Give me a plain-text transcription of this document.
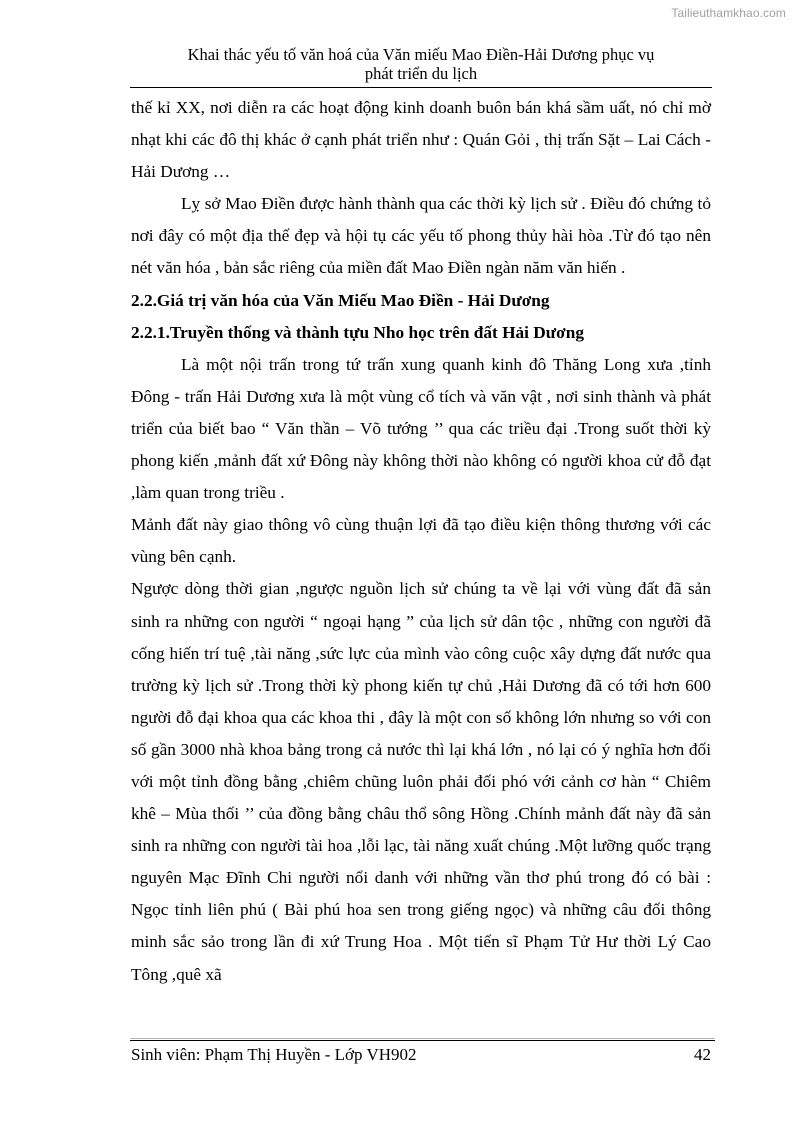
Tailieuthamkhao.com
Khai thác yếu tố văn hoá của Văn miếu Mao Điền-Hải Dương phục vụ
phát triển du lịch

thế kỉ XX, nơi diễn ra các hoạt động kinh doanh buôn bán khá sầm uất, nó chỉ mờ nhạt khi các đô thị khác ở cạnh phát triển như : Quán Gỏi , thị trấn Sặt – Lai Cách - Hải Dương …

Lỵ sở Mao Điền được hành thành qua các thời kỳ lịch sử . Điều đó chứng tỏ nơi đây có một địa thế đẹp và hội tụ các yếu tố phong thủy hài hòa .Từ đó tạo nên nét văn hóa , bản sắc riêng của miền đất Mao Điền ngàn năm văn hiến .

2.2.Giá trị văn hóa của Văn Miếu Mao Điền - Hải Dương

2.2.1.Truyền thống và thành tựu Nho học trên đất Hải Dương

Là một nội trấn trong tứ trấn xung quanh kinh đô Thăng Long xưa ,tỉnh Đông - trấn Hải Dương xưa là một vùng cổ tích và văn vật , nơi sinh thành và phát triển của biết bao “ Văn thần – Võ tướng ’’ qua các triều đại .Trong suốt thời kỳ phong kiến ,mảnh đất xứ Đông này không thời nào không có người khoa cử đỗ đạt ,làm quan trong triều .

Mảnh đất này giao thông vô cùng thuận lợi đã tạo điều kiện thông thương với các vùng bên cạnh.

Ngược dòng thời gian ,ngược nguồn lịch sử chúng ta về lại với vùng đất đã sản sinh ra những con người “ ngoại hạng ” của lịch sử dân tộc , những con người đã cống hiến trí tuệ ,tài năng ,sức lực của mình vào công cuộc xây dựng đất nước qua trường kỳ lịch sử .Trong thời kỳ phong kiến tự chủ ,Hải Dương đã có tới hơn 600 người đỗ đại khoa qua các khoa thi , đây là một con số không lớn nhưng so với con số gần 3000 nhà khoa bảng trong cả nước thì lại khá lớn , nó lại có ý nghĩa hơn đối với một tỉnh đồng bằng ,chiêm chũng luôn phải đối phó với cảnh cơ hàn “ Chiêm khê – Mùa thối ’’ của đồng bằng châu thổ sông Hồng .Chính mảnh đất này đã sản sinh ra những con người tài hoa ,lỗi lạc, tài năng xuất chúng .Một lưỡng quốc trạng nguyên Mạc Đĩnh Chi người nổi danh với những vần thơ phú trong đó có bài : Ngọc tỉnh liên phú ( Bài phú hoa sen trong giếng ngọc) và những câu đối thông minh sắc sảo trong lần đi xứ Trung Hoa . Một tiến sĩ Phạm Tử Hư thời Lý Cao Tông ,quê xã

Sinh viên: Phạm Thị Huyền - Lớp VH902	42
